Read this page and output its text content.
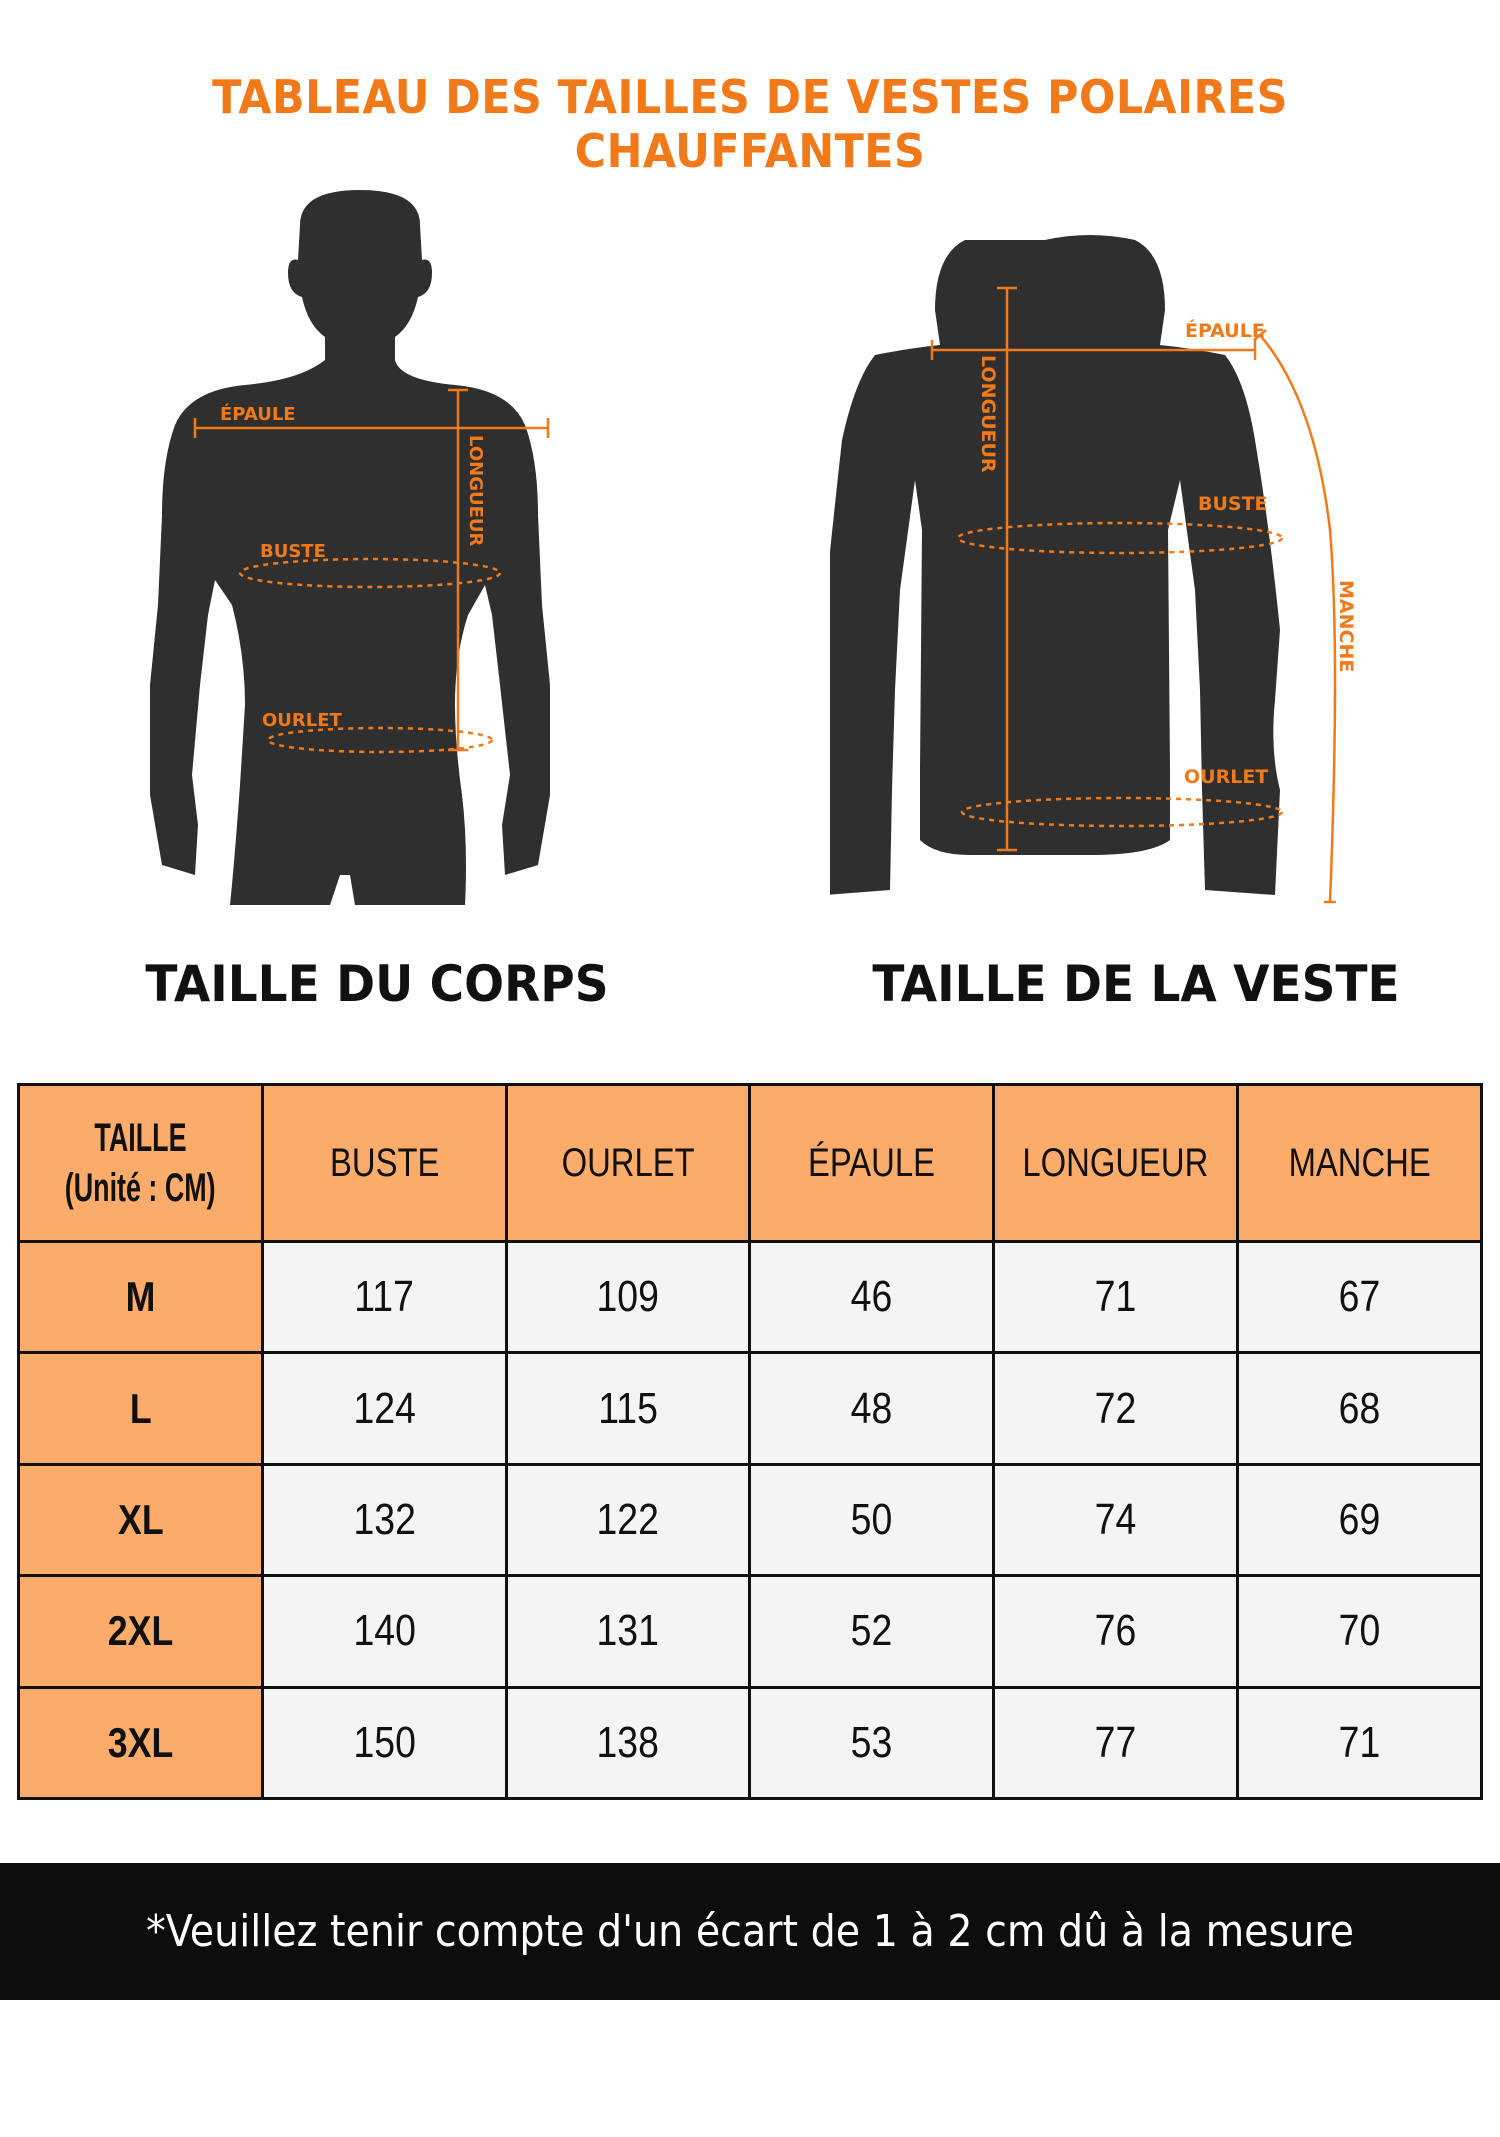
TABLEAU DES TAILLES DE VESTES POLAIRES CHAUFFANTES
ÉPAULE
BUSTE
OURLET
LONGUEUR
ÉPAULE
BUSTE
OURLET
LONGUEUR
MANCHE
TAILLE DU CORPS	TAILLE DE LA VESTE
TAILLE
(Unité : CM)	BUSTE	OURLET	ÉPAULE	LONGUEUR	MANCHE
M	117	109	46	71	67
L	124	115	48	72	68
XL	132	122	50	74	69
2XL	140	131	52	76	70
3XL	150	138	53	77	71
*Veuillez tenir compte d'un écart de 1 à 2 cm dû à la mesure manuelle.
